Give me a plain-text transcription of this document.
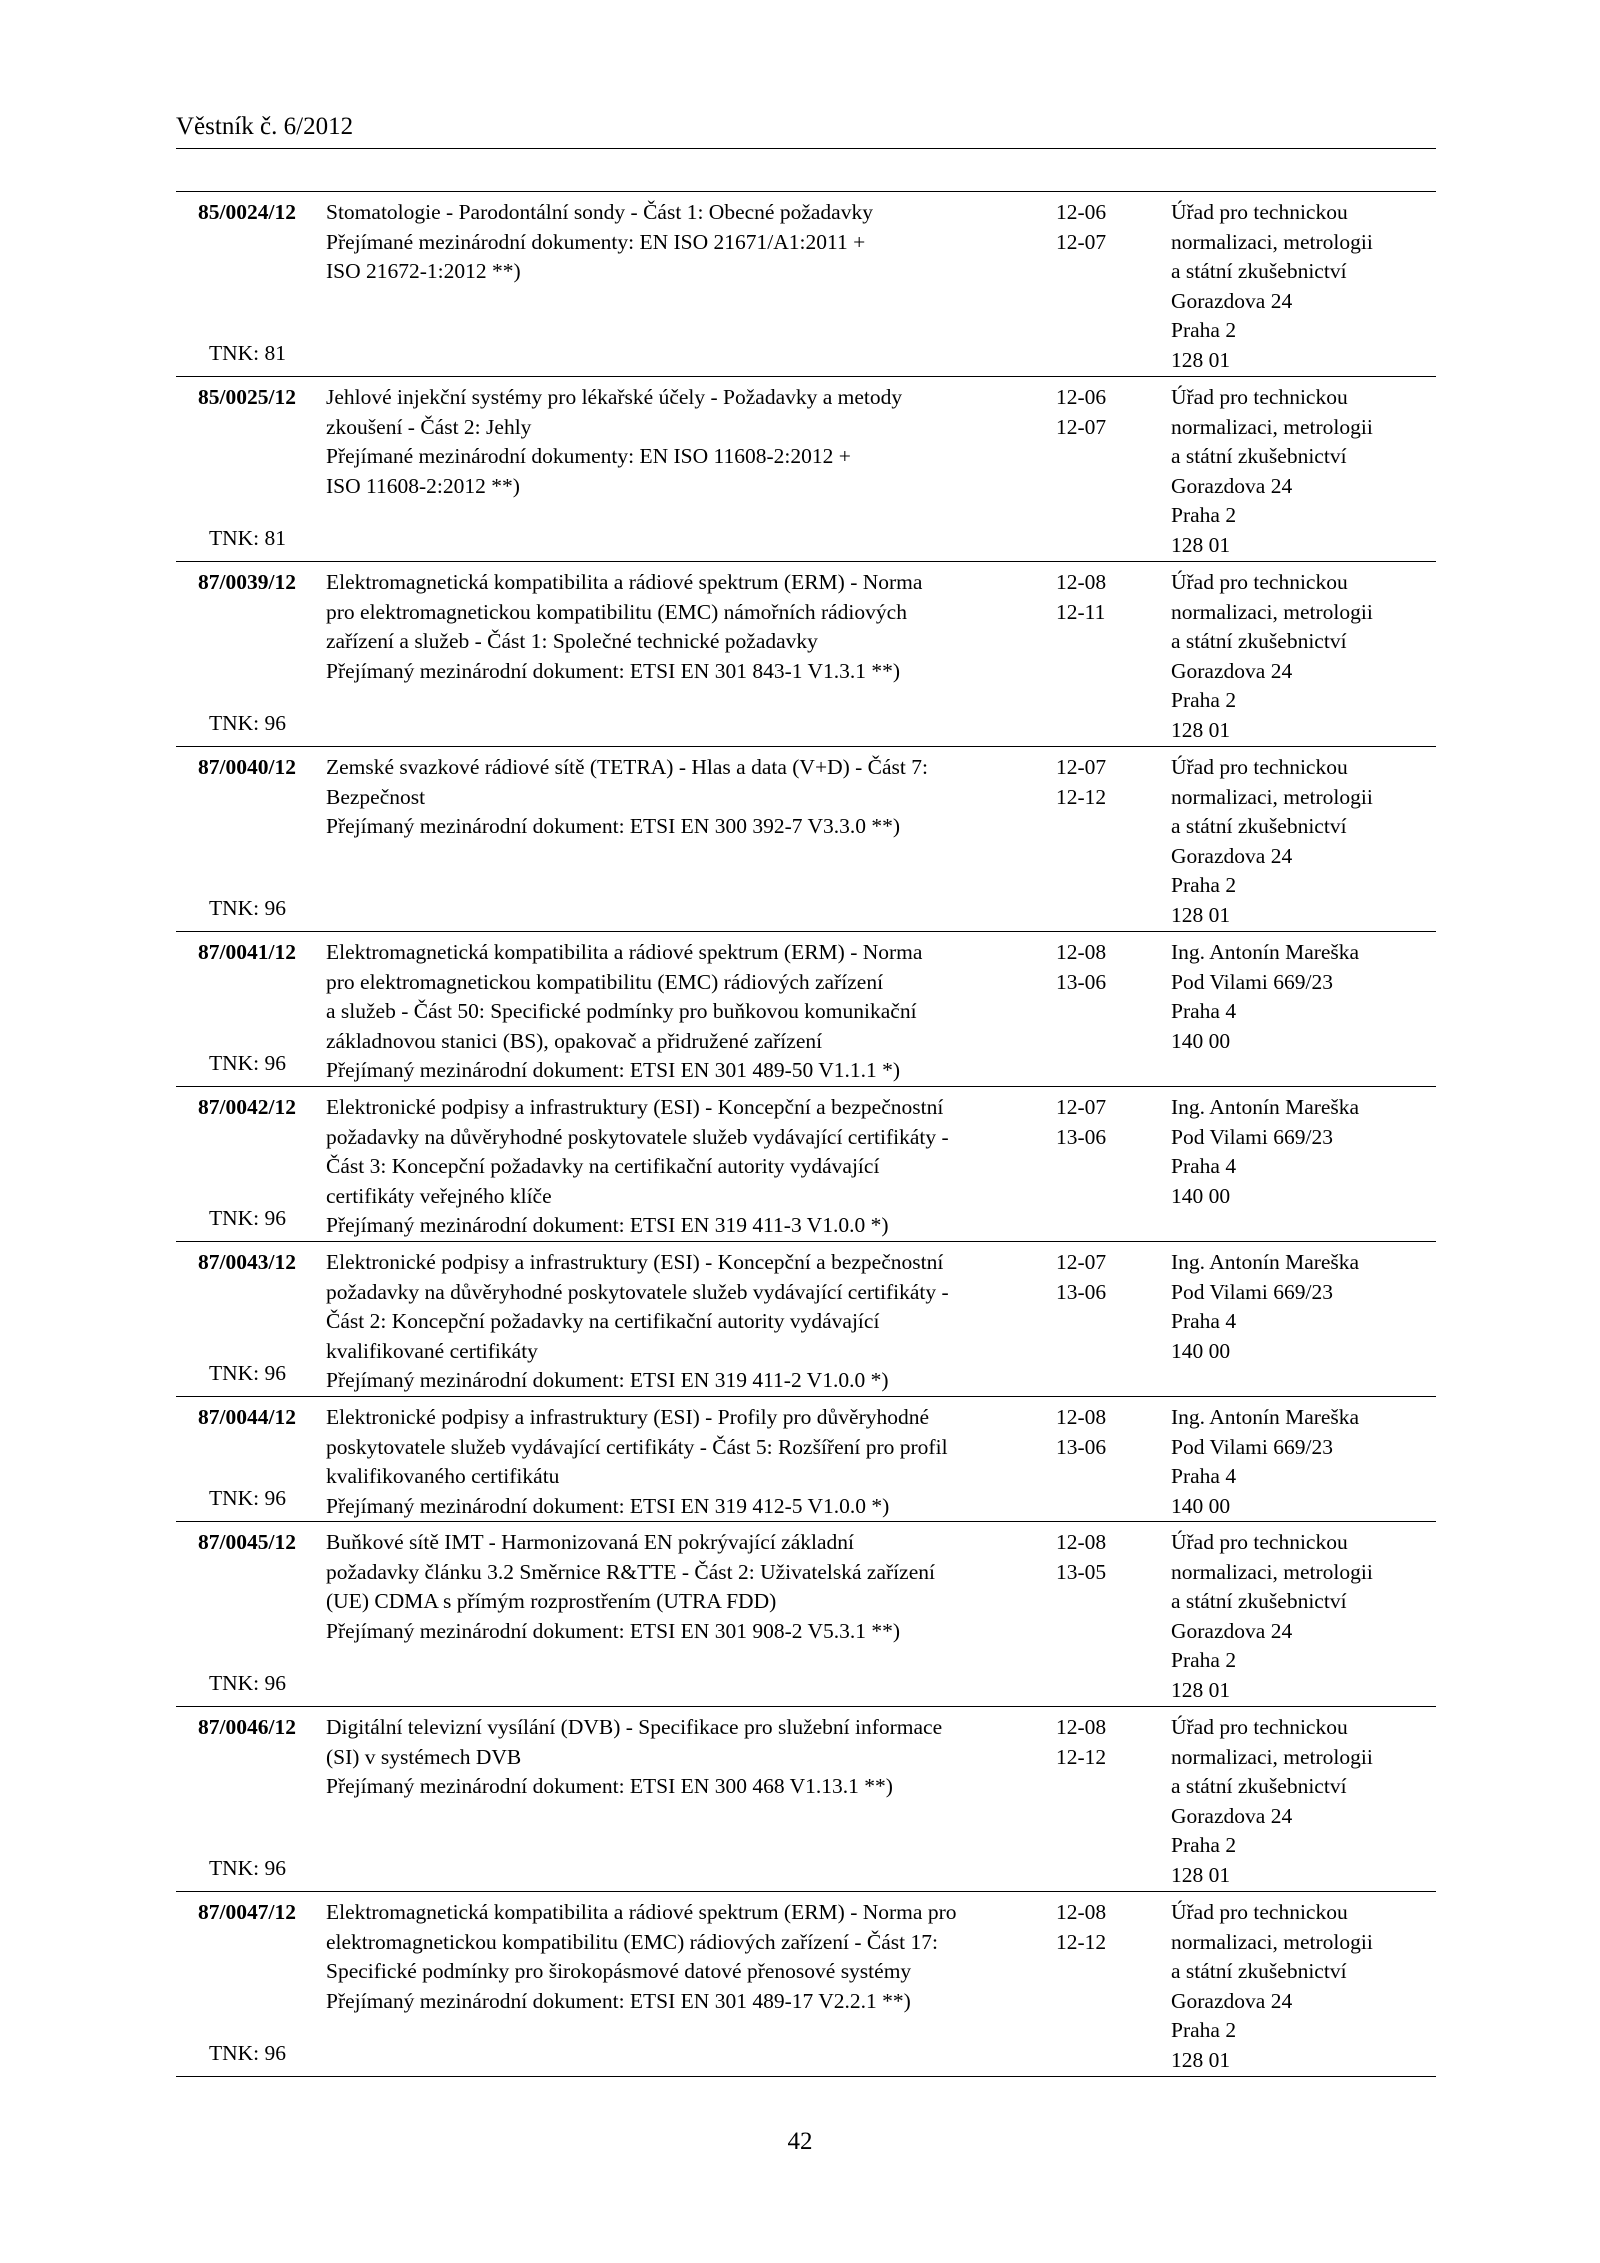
Věstník č. 6/2012
85/0024/12
TNK: 81
Stomatologie - Parodontální sondy - Část 1: Obecné požadavky
Přejímané mezinárodní dokumenty: EN ISO 21671/A1:2011 +
ISO 21672-1:2012 **)
12-06
12-07
Úřad pro technickou
normalizaci, metrologii
a státní zkušebnictví
Gorazdova 24
Praha 2
128 01
85/0025/12
TNK: 81
Jehlové injekční systémy pro lékařské účely - Požadavky a metody
zkoušení - Část 2: Jehly
Přejímané mezinárodní dokumenty: EN ISO 11608-2:2012 +
ISO 11608-2:2012 **)
12-06
12-07
Úřad pro technickou
normalizaci, metrologii
a státní zkušebnictví
Gorazdova 24
Praha 2
128 01
87/0039/12
TNK: 96
Elektromagnetická kompatibilita a rádiové spektrum (ERM) - Norma
pro elektromagnetickou kompatibilitu (EMC) námořních rádiových
zařízení a služeb - Část 1: Společné technické požadavky
Přejímaný mezinárodní dokument: ETSI EN 301 843-1 V1.3.1 **)
12-08
12-11
Úřad pro technickou
normalizaci, metrologii
a státní zkušebnictví
Gorazdova 24
Praha 2
128 01
87/0040/12
TNK: 96
Zemské svazkové rádiové sítě (TETRA) - Hlas a data (V+D) - Část 7:
Bezpečnost
Přejímaný mezinárodní dokument: ETSI EN 300 392-7 V3.3.0 **)
12-07
12-12
Úřad pro technickou
normalizaci, metrologii
a státní zkušebnictví
Gorazdova 24
Praha 2
128 01
87/0041/12
TNK: 96
Elektromagnetická kompatibilita a rádiové spektrum (ERM) - Norma
pro elektromagnetickou kompatibilitu (EMC) rádiových zařízení
a služeb - Část 50: Specifické podmínky pro buňkovou komunikační
základnovou stanici (BS), opakovač a přidružené zařízení
Přejímaný mezinárodní dokument: ETSI EN 301 489-50 V1.1.1 *)
12-08
13-06
Ing. Antonín Mareška
Pod Vilami 669/23
Praha 4
140 00
87/0042/12
TNK: 96
Elektronické podpisy a infrastruktury (ESI) - Koncepční a bezpečnostní
požadavky na důvěryhodné poskytovatele služeb vydávající certifikáty -
Část 3: Koncepční požadavky na certifikační autority vydávající
certifikáty veřejného klíče
Přejímaný mezinárodní dokument: ETSI EN 319 411-3 V1.0.0 *)
12-07
13-06
Ing. Antonín Mareška
Pod Vilami 669/23
Praha 4
140 00
87/0043/12
TNK: 96
Elektronické podpisy a infrastruktury (ESI) - Koncepční a bezpečnostní
požadavky na důvěryhodné poskytovatele služeb vydávající certifikáty -
Část 2: Koncepční požadavky na certifikační autority vydávající
kvalifikované certifikáty
Přejímaný mezinárodní dokument: ETSI EN 319 411-2 V1.0.0 *)
12-07
13-06
Ing. Antonín Mareška
Pod Vilami 669/23
Praha 4
140 00
87/0044/12
TNK: 96
Elektronické podpisy a infrastruktury (ESI) - Profily pro důvěryhodné
poskytovatele služeb vydávající certifikáty - Část 5: Rozšíření pro profil
kvalifikovaného certifikátu
Přejímaný mezinárodní dokument: ETSI EN 319 412-5 V1.0.0 *)
12-08
13-06
Ing. Antonín Mareška
Pod Vilami 669/23
Praha 4
140 00
87/0045/12
TNK: 96
Buňkové sítě IMT - Harmonizovaná EN pokrývající základní
požadavky článku 3.2 Směrnice R&TTE - Část 2: Uživatelská zařízení
(UE) CDMA s přímým rozprostřením (UTRA FDD)
Přejímaný mezinárodní dokument: ETSI EN 301 908-2 V5.3.1 **)
12-08
13-05
Úřad pro technickou
normalizaci, metrologii
a státní zkušebnictví
Gorazdova 24
Praha 2
128 01
87/0046/12
TNK: 96
Digitální televizní vysílání (DVB) - Specifikace pro služební informace
(SI) v systémech DVB
Přejímaný mezinárodní dokument: ETSI EN 300 468 V1.13.1 **)
12-08
12-12
Úřad pro technickou
normalizaci, metrologii
a státní zkušebnictví
Gorazdova 24
Praha 2
128 01
87/0047/12
TNK: 96
Elektromagnetická kompatibilita a rádiové spektrum (ERM) - Norma pro
elektromagnetickou kompatibilitu (EMC) rádiových zařízení - Část 17:
Specifické podmínky pro širokopásmové datové přenosové systémy
Přejímaný mezinárodní dokument: ETSI EN 301 489-17 V2.2.1 **)
12-08
12-12
Úřad pro technickou
normalizaci, metrologii
a státní zkušebnictví
Gorazdova 24
Praha 2
128 01
42
